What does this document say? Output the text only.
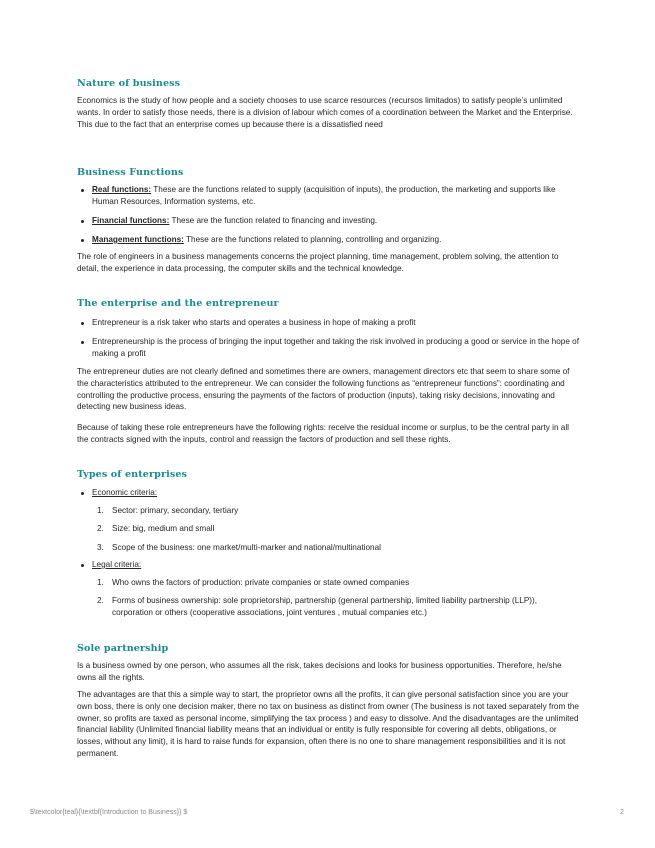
Nature of business

Economics is the study of how people and a society chooses to use scarce resources (recursos limitados) to satisfy people’s unlimited wants. In order to satisfy those needs, there is a division of labour which comes of a coordination between the Market and the Enterprise. This due to the fact that an enterprise comes up because there is a dissatisfied need

Business Functions
Real functions: These are the functions related to supply (acquisition of inputs), the production, the marketing and supports like Human Resources, Information systems, etc.
Financial functions: These are the function related to financing and investing.
Management functions: These are the functions related to planning, controlling and organizing.

The role of engineers in a business managements concerns the project planning, time management, problem solving, the attention to detail, the experience in data processing, the computer skills and the technical knowledge.

The enterprise and the entrepreneur
Entrepreneur is a risk taker who starts and operates a business in hope of making a profit
Entrepreneurship is the process of bringing the input together and taking the risk involved in producing a good or service in the hope of making a profit

The entrepreneur duties are not clearly defined and sometimes there are owners, management directors etc that seem to share some of the characteristics attributed to the entrepreneur. We can consider the following functions as “entrepreneur functions”: coordinating and controlling the productive process, ensuring the payments of the factors of production (inputs), taking risky decisions, innovating and detecting new business ideas.

Because of taking these role entrepreneurs have the following rights: receive the residual income or surplus, to be the central party in all the contracts signed with the inputs, control and reassign the factors of production and sell these rights.

Types of enterprises
Economic criteria:
1. Sector: primary, secondary, tertiary
2. Size: big, medium and small
3. Scope of the business: one market/multi-marker and national/multinational
Legal criteria:
1. Who owns the factors of production: private companies or state owned companies
2. Forms of business ownership: sole proprietorship, partnership (general partnership, limited liability partnership (LLP)), corporation or others (cooperative associations, joint ventures , mutual companies etc.)
Sole partnership

Is a business owned by one person, who assumes all the risk, takes decisions and looks for business opportunities. Therefore, he/she owns all the rights.

The advantages are that this a simple way to start, the proprietor owns all the profits, it can give personal satisfaction since you are your own boss, there is only one decision maker, there no tax on business as distinct from owner (The business is not taxed separately from the owner, so profits are taxed as personal income, simplifying the tax process ) and easy to dissolve. And the disadvantages are the unlimited financial liability (Unlimited financial liability means that an individual or entity is fully responsible for covering all debts, obligations, or losses, without any limit), it is hard to raise funds for expansion, often there is no one to share management responsibilities and it is not permanent.

$\textcolor{teal}{\textbf{Introduction to Business}} $	2
